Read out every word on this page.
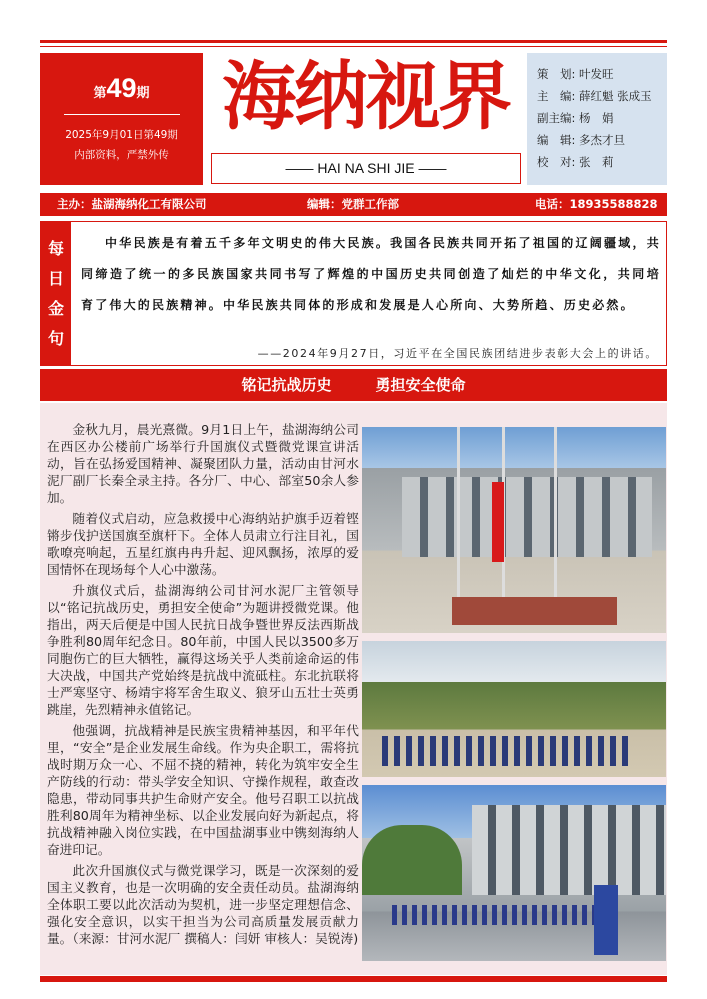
第49期
2025年9月01日第49期
内部资料，严禁外传
海纳视界
—— HAI NA SHI JIE ——
策　划: 叶发旺
主　编: 薛红魁 张成玉
副主编: 杨　娟
编　辑: 多杰才旦
校　对: 张　莉
主办：盐湖海纳化工有限公司	编辑：党群工作部	电话：18935588828
每
日
金
句
中华民族是有着五千多年文明史的伟大民族。我国各民族共同开拓了祖国的辽阔疆域，共同缔造了统一的多民族国家共同书写了辉煌的中国历史共同创造了灿烂的中华文化，共同培育了伟大的民族精神。中华民族共同体的形成和发展是人心所向、大势所趋、历史必然。
——2024年9月27日，习近平在全国民族团结进步表彰大会上的讲话。
铭记抗战历史	勇担安全使命

金秋九月，晨光熹微。9月1日上午，盐湖海纳公司在西区办公楼前广场举行升国旗仪式暨微党课宣讲活动，旨在弘扬爱国精神、凝聚团队力量，活动由甘河水泥厂副厂长秦全录主持。各分厂、中心、部室50余人参加。

随着仪式启动，应急救援中心海纳站护旗手迈着铿锵步伐护送国旗至旗杆下。全体人员肃立行注目礼，国歌嘹亮响起，五星红旗冉冉升起、迎风飘扬，浓厚的爱国情怀在现场每个人心中激荡。

升旗仪式后，盐湖海纳公司甘河水泥厂主管领导以“铭记抗战历史，勇担安全使命”为题讲授微党课。他指出，两天后便是中国人民抗日战争暨世界反法西斯战争胜利80周年纪念日。80年前，中国人民以3500多万同胞伤亡的巨大牺牲，赢得这场关乎人类前途命运的伟大决战，中国共产党始终是抗战中流砥柱。东北抗联将士严寒坚守、杨靖宇将军舍生取义、狼牙山五壮士英勇跳崖，先烈精神永值铭记。

他强调，抗战精神是民族宝贵精神基因，和平年代里，“安全”是企业发展生命线。作为央企职工，需将抗战时期万众一心、不屈不挠的精神，转化为筑牢安全生产防线的行动：带头学安全知识、守操作规程，敢查改隐患，带动同事共护生命财产安全。他号召职工以抗战胜利80周年为精神坐标、以企业发展向好为新起点，将抗战精神融入岗位实践，在中国盐湖事业中镌刻海纳人奋进印记。

此次升国旗仪式与微党课学习，既是一次深刻的爱国主义教育，也是一次明确的安全责任动员。盐湖海纳全体职工要以此次活动为契机，进一步坚定理想信念、强化安全意识，以实干担当为公司高质量发展贡献力量。（来源：甘河水泥厂 撰稿人：闫妍 审核人：吴锐涛)
